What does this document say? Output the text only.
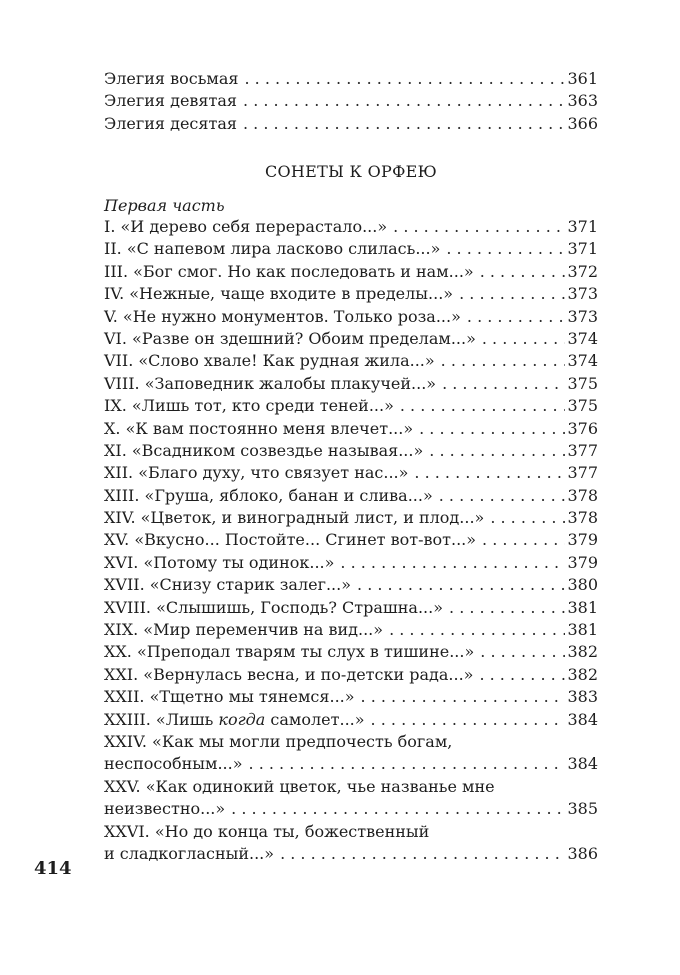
Элегия восьмая . . .	361
Элегия девятая . . .	363
Элегия десятая . . .	366
СОНЕТЫ К ОРФЕЮ
Первая часть
I. «И дерево себя перерастало...» . . .	371
II. «С напевом лира ласково слилась...» . . .	371
III. «Бог смог. Но как последовать и нам...» . . .	372
IV. «Нежные, чаще входите в пределы...» . . .	373
V. «Не нужно монументов. Только роза...» . . .	373
VI. «Разве он здешний? Обоим пределам...» . . .	374
VII. «Слово хвале! Как рудная жила...» . . .	374
VIII. «Заповедник жалобы плакучей...» . . .	375
IX. «Лишь тот, кто среди теней...» . . .	375
X. «К вам постоянно меня влечет...» . . .	376
XI. «Всадником созвездье называя...» . . .	377
XII. «Благо духу, что связует нас...» . . .	377
XIII. «Груша, яблоко, банан и слива...» . . .	378
XIV. «Цветок, и виноградный лист, и плод...» . . .	378
XV. «Вкусно... Постойте... Сгинет вот-вот...» . . .	379
XVI. «Потому ты одинок...» . . .	379
XVII. «Снизу старик залег...» . . .	380
XVIII. «Слышишь, Господь? Страшна...» . . .	381
XIX. «Мир переменчив на вид...» . . .	381
XX. «Преподал тварям ты слух в тишине...» . . .	382
XXI. «Вернулась весна, и по-детски рада...» . . .	382
XXII. «Тщетно мы тянемся...» . . .	383
XXIII. «Лишь когда самолет...» . . .	384
XXIV. «Как мы могли предпочесть богам,
неспособным...» . . .	384
XXV. «Как одинокий цветок, чье названье мне
неизвестно...» . . .	385
XXVI. «Но до конца ты, божественный
и сладкогласный...» . . .	386
414
